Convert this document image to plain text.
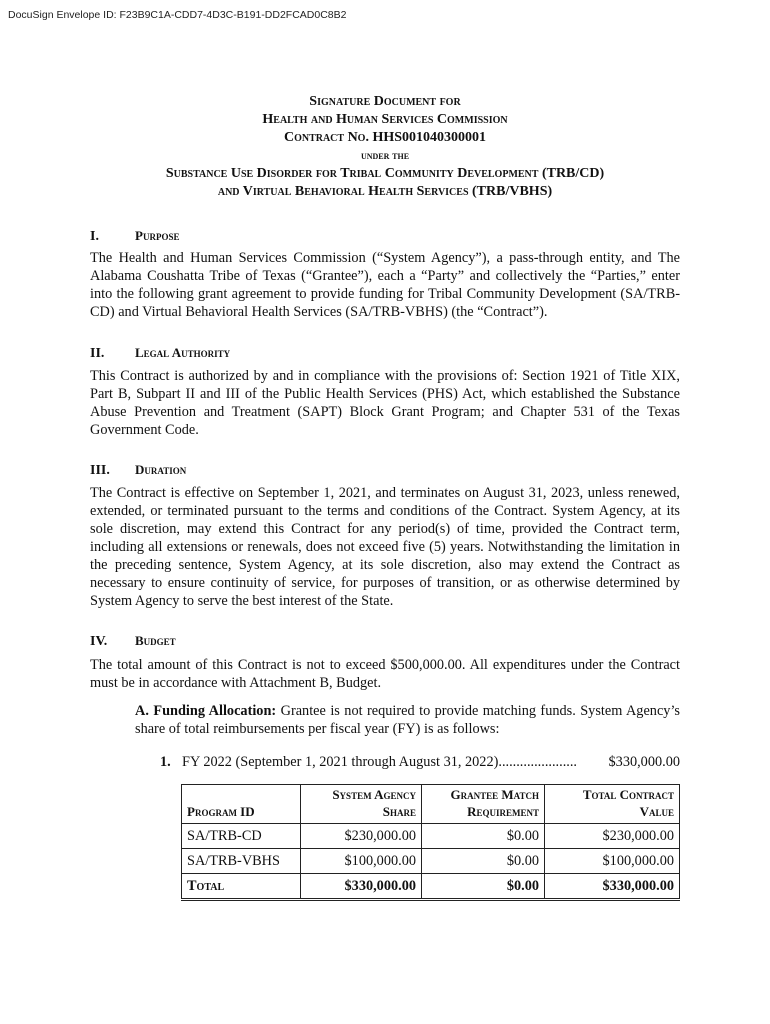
DocuSign Envelope ID: F23B9C1A-CDD7-4D3C-B191-DD2FCAD0C8B2
Signature Document for
Health and Human Services Commission
Contract No. HHS001040300001
under the
Substance Use Disorder for Tribal Community Development (TRB/CD)
and Virtual Behavioral Health Services (TRB/VBHS)
I.	Purpose
The Health and Human Services Commission (“System Agency”), a pass-through entity, and The Alabama Coushatta Tribe of Texas (“Grantee”), each a “Party” and collectively the “Parties,” enter into the following grant agreement to provide funding for Tribal Community Development (SA/TRB-CD) and Virtual Behavioral Health Services (SA/TRB-VBHS) (the “Contract”).
II. Legal Authority
This Contract is authorized by and in compliance with the provisions of: Section 1921 of Title XIX, Part B, Subpart II and III of the Public Health Services (PHS) Act, which established the Substance Abuse Prevention and Treatment (SAPT) Block Grant Program; and Chapter 531 of the Texas Government Code.
III. Duration
The Contract is effective on September 1, 2021, and terminates on August 31, 2023, unless renewed, extended, or terminated pursuant to the terms and conditions of the Contract. System Agency, at its sole discretion, may extend this Contract for any period(s) of time, provided the Contract term, including all extensions or renewals, does not exceed five (5) years. Notwithstanding the limitation in the preceding sentence, System Agency, at its sole discretion, also may extend the Contract as necessary to ensure continuity of service, for purposes of transition, or as otherwise determined by System Agency to serve the best interest of the State.
IV. Budget
The total amount of this Contract is not to exceed $500,000.00. All expenditures under the Contract must be in accordance with Attachment B, Budget.
A. Funding Allocation: Grantee is not required to provide matching funds. System Agency’s share of total reimbursements per fiscal year (FY) is as follows:
1. FY 2022 (September 1, 2021 through August 31, 2022)......................	$330,000.00
Program ID	System Agency Share	Grantee Match Requirement	Total Contract Value
SA/TRB-CD	$230,000.00	$0.00	$230,000.00
SA/TRB-VBHS	$100,000.00	$0.00	$100,000.00
Total	$330,000.00	$0.00	$330,000.00
